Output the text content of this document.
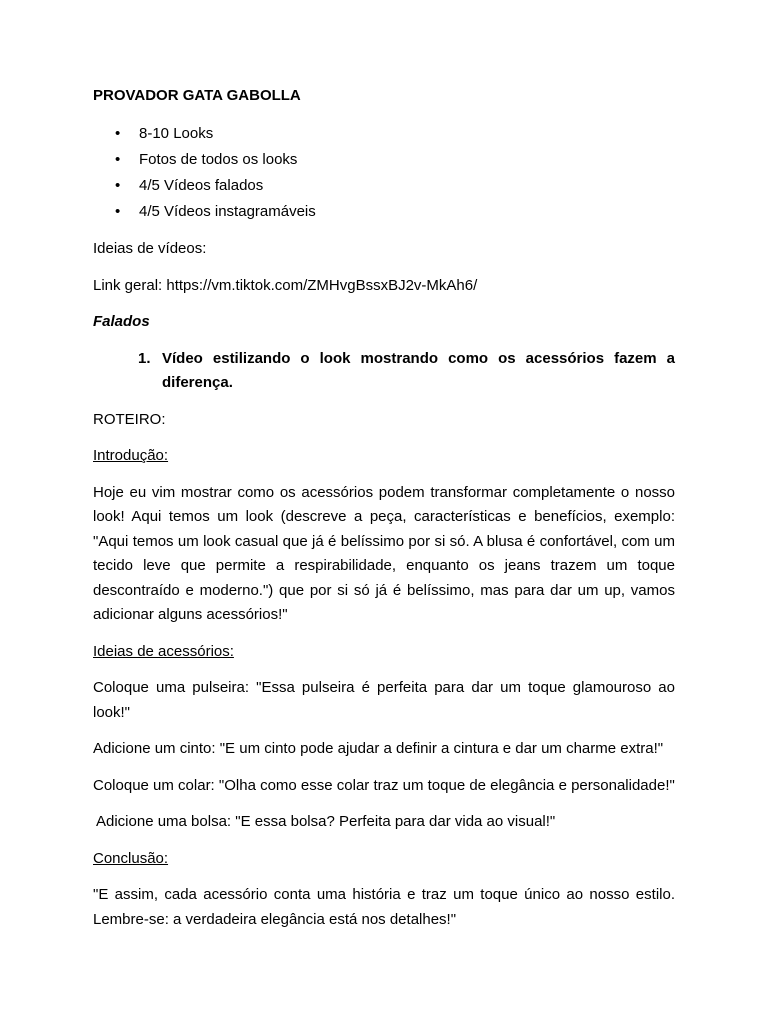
PROVADOR GATA GABOLLA
• 8-10 Looks
• Fotos de todos os looks
• 4/5 Vídeos falados
• 4/5 Vídeos instagramáveis

Ideias de vídeos:

Link geral: https://vm.tiktok.com/ZMHvgBssxBJ2v-MkAh6/

Falados

1. Vídeo estilizando o look mostrando como os acessórios fazem a diferença.

ROTEIRO:

Introdução:

Hoje eu vim mostrar como os acessórios podem transformar completamente o nosso look! Aqui temos um look (descreve a peça, características e benefícios, exemplo: "Aqui temos um look casual que já é belíssimo por si só. A blusa é confortável, com um tecido leve que permite a respirabilidade, enquanto os jeans trazem um toque descontraído e moderno.") que por si só já é belíssimo, mas para dar um up, vamos adicionar alguns acessórios!"

Ideias de acessórios:

Coloque uma pulseira: "Essa pulseira é perfeita para dar um toque glamouroso ao look!"

Adicione um cinto: "E um cinto pode ajudar a definir a cintura e dar um charme extra!"

Coloque um colar: "Olha como esse colar traz um toque de elegância e personalidade!"

Adicione uma bolsa: "E essa bolsa? Perfeita para dar vida ao visual!"

Conclusão:

"E assim, cada acessório conta uma história e traz um toque único ao nosso estilo. Lembre-se: a verdadeira elegância está nos detalhes!"
